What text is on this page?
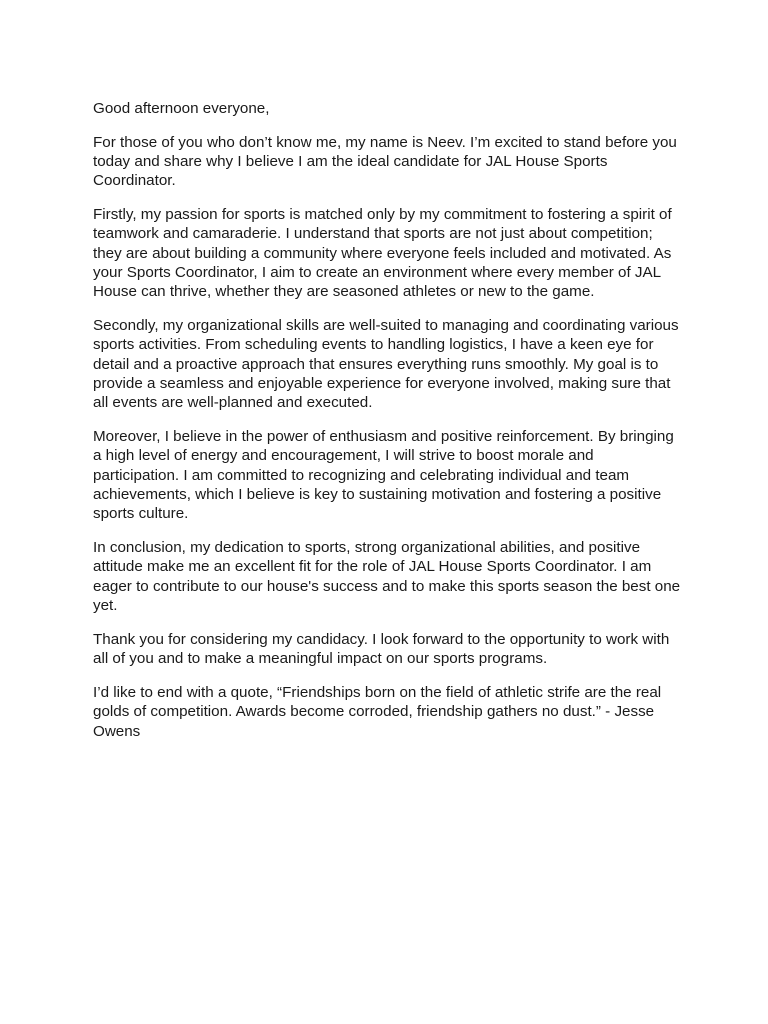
Good afternoon everyone,

For those of you who don’t know me, my name is Neev. I’m excited to stand before you today and share why I believe I am the ideal candidate for JAL House Sports Coordinator.

Firstly, my passion for sports is matched only by my commitment to fostering a spirit of teamwork and camaraderie. I understand that sports are not just about competition; they are about building a community where everyone feels included and motivated. As your Sports Coordinator, I aim to create an environment where every member of JAL House can thrive, whether they are seasoned athletes or new to the game.

Secondly, my organizational skills are well-suited to managing and coordinating various sports activities. From scheduling events to handling logistics, I have a keen eye for detail and a proactive approach that ensures everything runs smoothly. My goal is to provide a seamless and enjoyable experience for everyone involved, making sure that all events are well-planned and executed.

Moreover, I believe in the power of enthusiasm and positive reinforcement. By bringing a high level of energy and encouragement, I will strive to boost morale and participation. I am committed to recognizing and celebrating individual and team achievements, which I believe is key to sustaining motivation and fostering a positive sports culture.

In conclusion, my dedication to sports, strong organizational abilities, and positive attitude make me an excellent fit for the role of JAL House Sports Coordinator. I am eager to contribute to our house's success and to make this sports season the best one yet.

Thank you for considering my candidacy. I look forward to the opportunity to work with all of you and to make a meaningful impact on our sports programs.

I’d like to end with a quote, “Friendships born on the field of athletic strife are the real golds of competition. Awards become corroded, friendship gathers no dust.” - Jesse Owens
